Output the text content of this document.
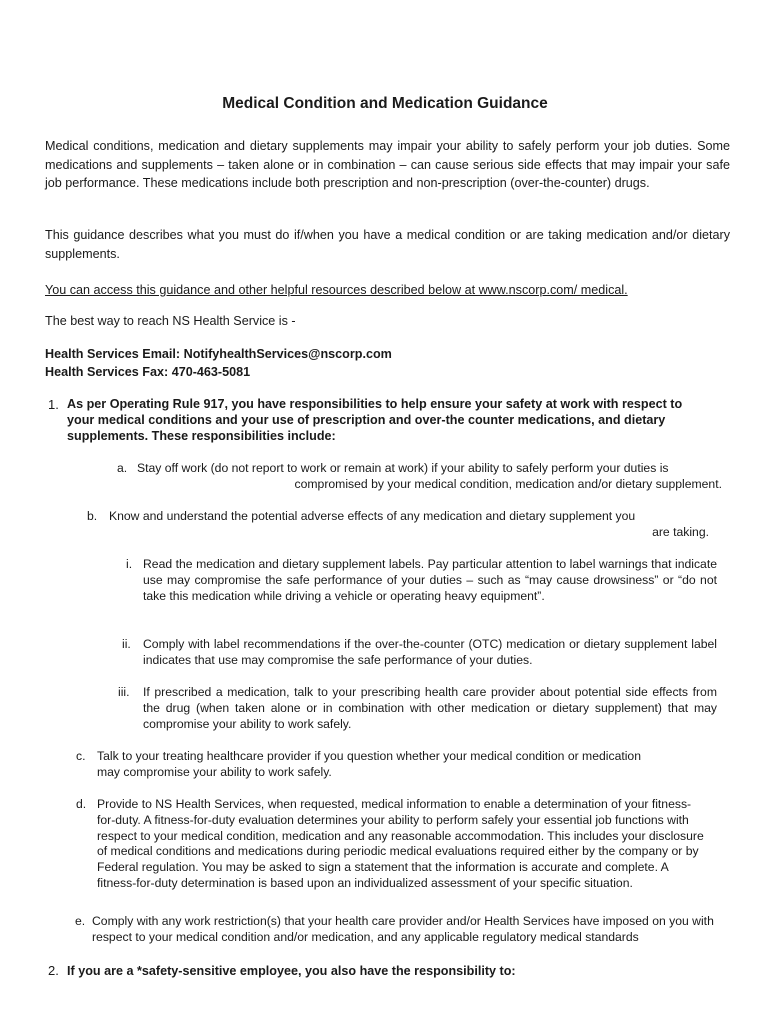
Medical Condition and Medication Guidance

Medical conditions, medication and dietary supplements may impair your ability to safely perform your job duties. Some medications and supplements – taken alone or in combination – can cause serious side effects that may impair your safe job performance. These medications include both prescription and non-prescription (over-the-counter) drugs.

This guidance describes what you must do if/when you have a medical condition or are taking medication and/or dietary supplements.

You can access this guidance and other helpful resources described below at www.nscorp.com/ medical.

The best way to reach NS Health Service is -

Health Services Email: NotifyhealthServices@nscorp.com

Health Services Fax: 470-463-5081

1. As per Operating Rule 917, you have responsibilities to help ensure your safety at work with respect to your medical conditions and your use of prescription and over-the counter medications, and dietary supplements. These responsibilities include:

a. Stay off work (do not report to work or remain at work) if your ability to safely perform your duties is

compromised by your medical condition, medication and/or dietary supplement.

b. Know and understand the potential adverse effects of any medication and dietary supplement you

are taking.

i. Read the medication and dietary supplement labels. Pay particular attention to label warnings that indicate use may compromise the safe performance of your duties – such as “may cause drowsiness” or “do not take this medication while driving a vehicle or operating heavy equipment”.

ii. Comply with label recommendations if the over-the-counter (OTC) medication or dietary supplement label indicates that use may compromise the safe performance of your duties.

iii. If prescribed a medication, talk to your prescribing health care provider about potential side effects from the drug (when taken alone or in combination with other medication or dietary supplement) that may compromise your ability to work safely.

c. Talk to your treating healthcare provider if you question whether your medical condition or medication may compromise your ability to work safely.

d. Provide to NS Health Services, when requested, medical information to enable a determination of your fitness-for-duty. A fitness-for-duty evaluation determines your ability to perform safely your essential job functions with respect to your medical condition, medication and any reasonable accommodation. This includes your disclosure of medical conditions and medications during periodic medical evaluations required either by the company or by Federal regulation. You may be asked to sign a statement that the information is accurate and complete. A fitness-for-duty determination is based upon an individualized assessment of your specific situation.

e. Comply with any work restriction(s) that your health care provider and/or Health Services have imposed on you with respect to your medical condition and/or medication, and any applicable regulatory medical standards

2. If you are a *safety-sensitive employee, you also have the responsibility to:
